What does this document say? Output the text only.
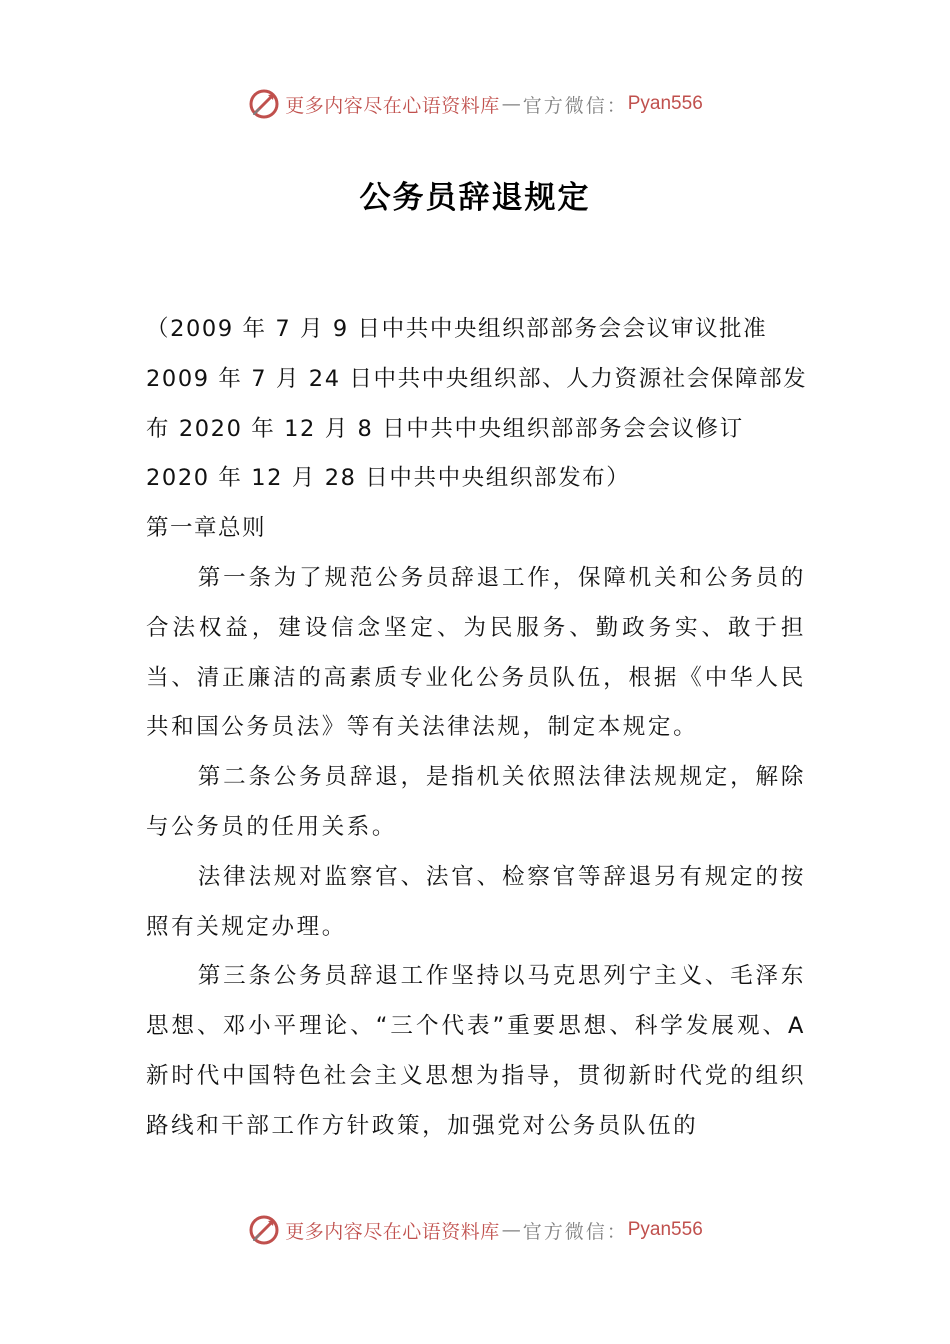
更多内容尽在心语资料库 — 官方微信： Pyan556
公务员辞退规定

（2009 年 7 月 9 日中共中央组织部部务会会议审议批准

2009 年 7 月 24 日中共中央组织部、人力资源社会保障部发

布 2020 年 12 月 8 日中共中央组织部部务会会议修订

2020 年 12 月 28 日中共中央组织部发布）

第一章总则

第一条为了规范公务员辞退工作，保障机关和公务员的合法权益，建设信念坚定、为民服务、勤政务实、敢于担当、清正廉洁的高素质专业化公务员队伍，根据《中华人民共和国公务员法》等有关法律法规，制定本规定。

第二条公务员辞退，是指机关依照法律法规规定，解除与公务员的任用关系。

法律法规对监察官、法官、检察官等辞退另有规定的按照有关规定办理。

第三条公务员辞退工作坚持以马克思列宁主义、毛泽东思想、邓小平理论、“三个代表”重要思想、科学发展观、A新时代中国特色社会主义思想为指导，贯彻新时代党的组织路线和干部工作方针政策，加强党对公务员队伍的

更多内容尽在心语资料库 — 官方微信： Pyan556
